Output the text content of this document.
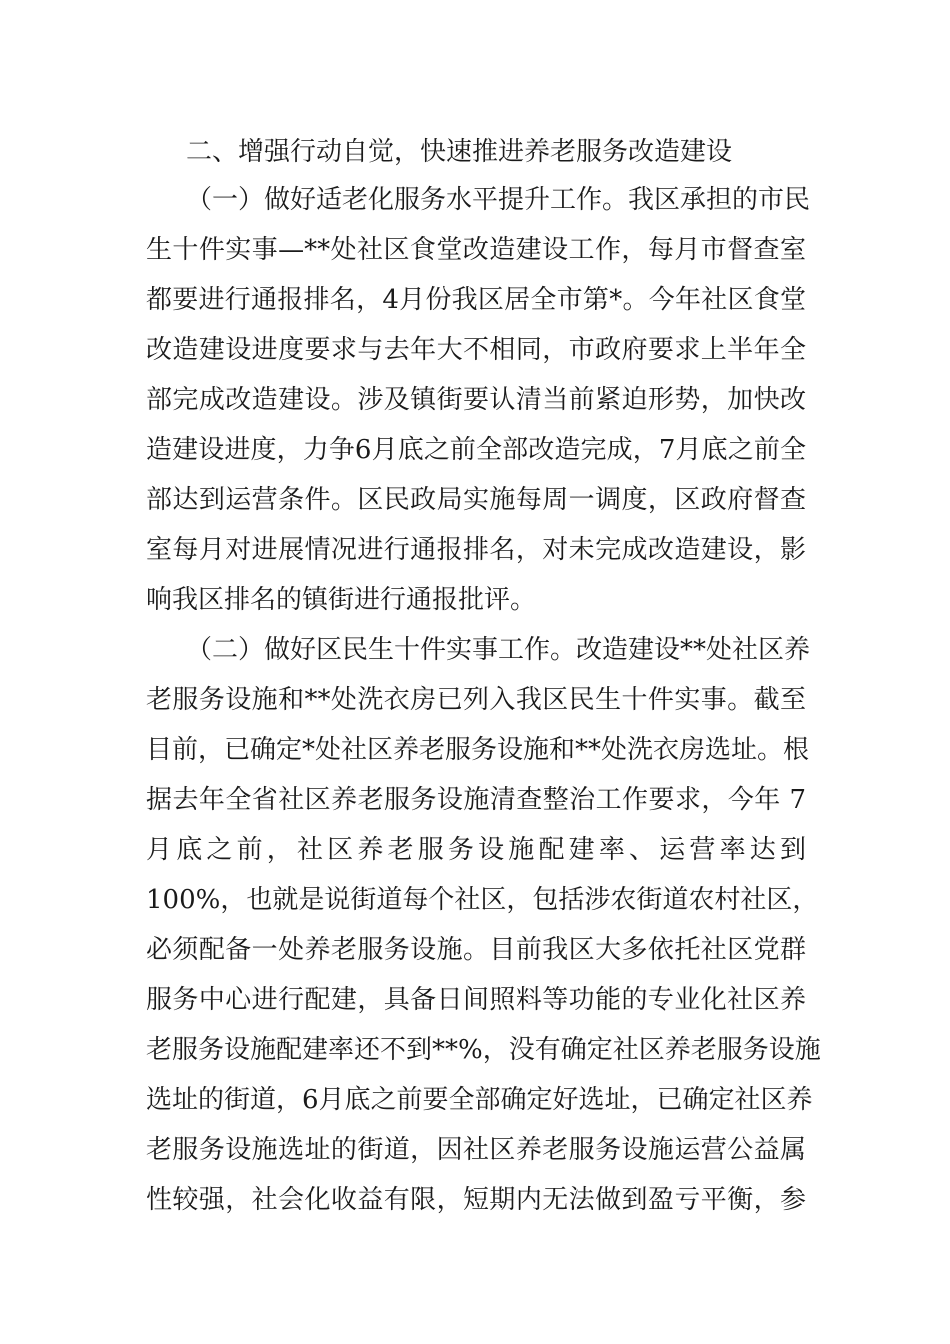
二、增强行动自觉，快速推进养老服务改造建设
（一）做好适老化服务水平提升工作。我区承担的市民
生十件实事—**处社区食堂改造建设工作，每月市督查室
都要进行通报排名，4月份我区居全市第*。今年社区食堂
改造建设进度要求与去年大不相同，市政府要求上半年全
部完成改造建设。涉及镇街要认清当前紧迫形势，加快改
造建设进度，力争6月底之前全部改造完成，7月底之前全
部达到运营条件。区民政局实施每周一调度，区政府督查
室每月对进展情况进行通报排名，对未完成改造建设，影
响我区排名的镇街进行通报批评。
（二）做好区民生十件实事工作。改造建设**处社区养
老服务设施和**处洗衣房已列入我区民生十件实事。截至
目前，已确定*处社区养老服务设施和**处洗衣房选址。根
据去年全省社区养老服务设施清查整治工作要求，今年 7
月底之前，社区养老服务设施配建率、运营率达到
100%，也就是说街道每个社区，包括涉农街道农村社区，
必须配备一处养老服务设施。目前我区大多依托社区党群
服务中心进行配建，具备日间照料等功能的专业化社区养
老服务设施配建率还不到**%，没有确定社区养老服务设施
选址的街道，6月底之前要全部确定好选址，已确定社区养
老服务设施选址的街道，因社区养老服务设施运营公益属
性较强，社会化收益有限，短期内无法做到盈亏平衡，参
